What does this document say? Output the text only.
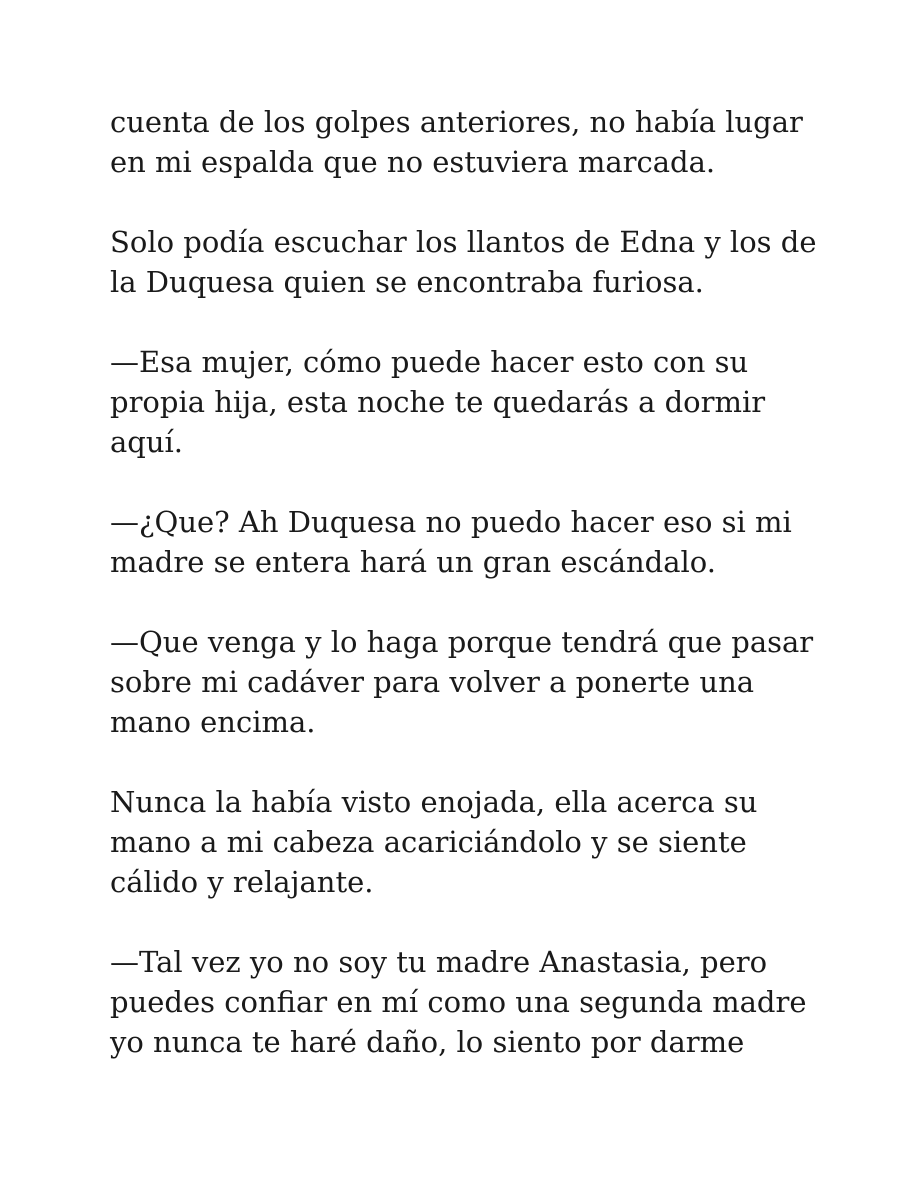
cuenta de los golpes anteriores, no había lugar
en mi espalda que no estuviera marcada.

Solo podía escuchar los llantos de Edna y los de
la Duquesa quien se encontraba furiosa.

—Esa mujer, cómo puede hacer esto con su
propia hija, esta noche te quedarás a dormir
aquí.

—¿Que? Ah Duquesa no puedo hacer eso si mi
madre se entera hará un gran escándalo.

—Que venga y lo haga porque tendrá que pasar
sobre mi cadáver para volver a ponerte una
mano encima.

Nunca la había visto enojada, ella acerca su
mano a mi cabeza acariciándolo y se siente
cálido y relajante.

—Tal vez yo no soy tu madre Anastasia, pero
puedes confiar en mí como una segunda madre
yo nunca te haré daño, lo siento por darme
